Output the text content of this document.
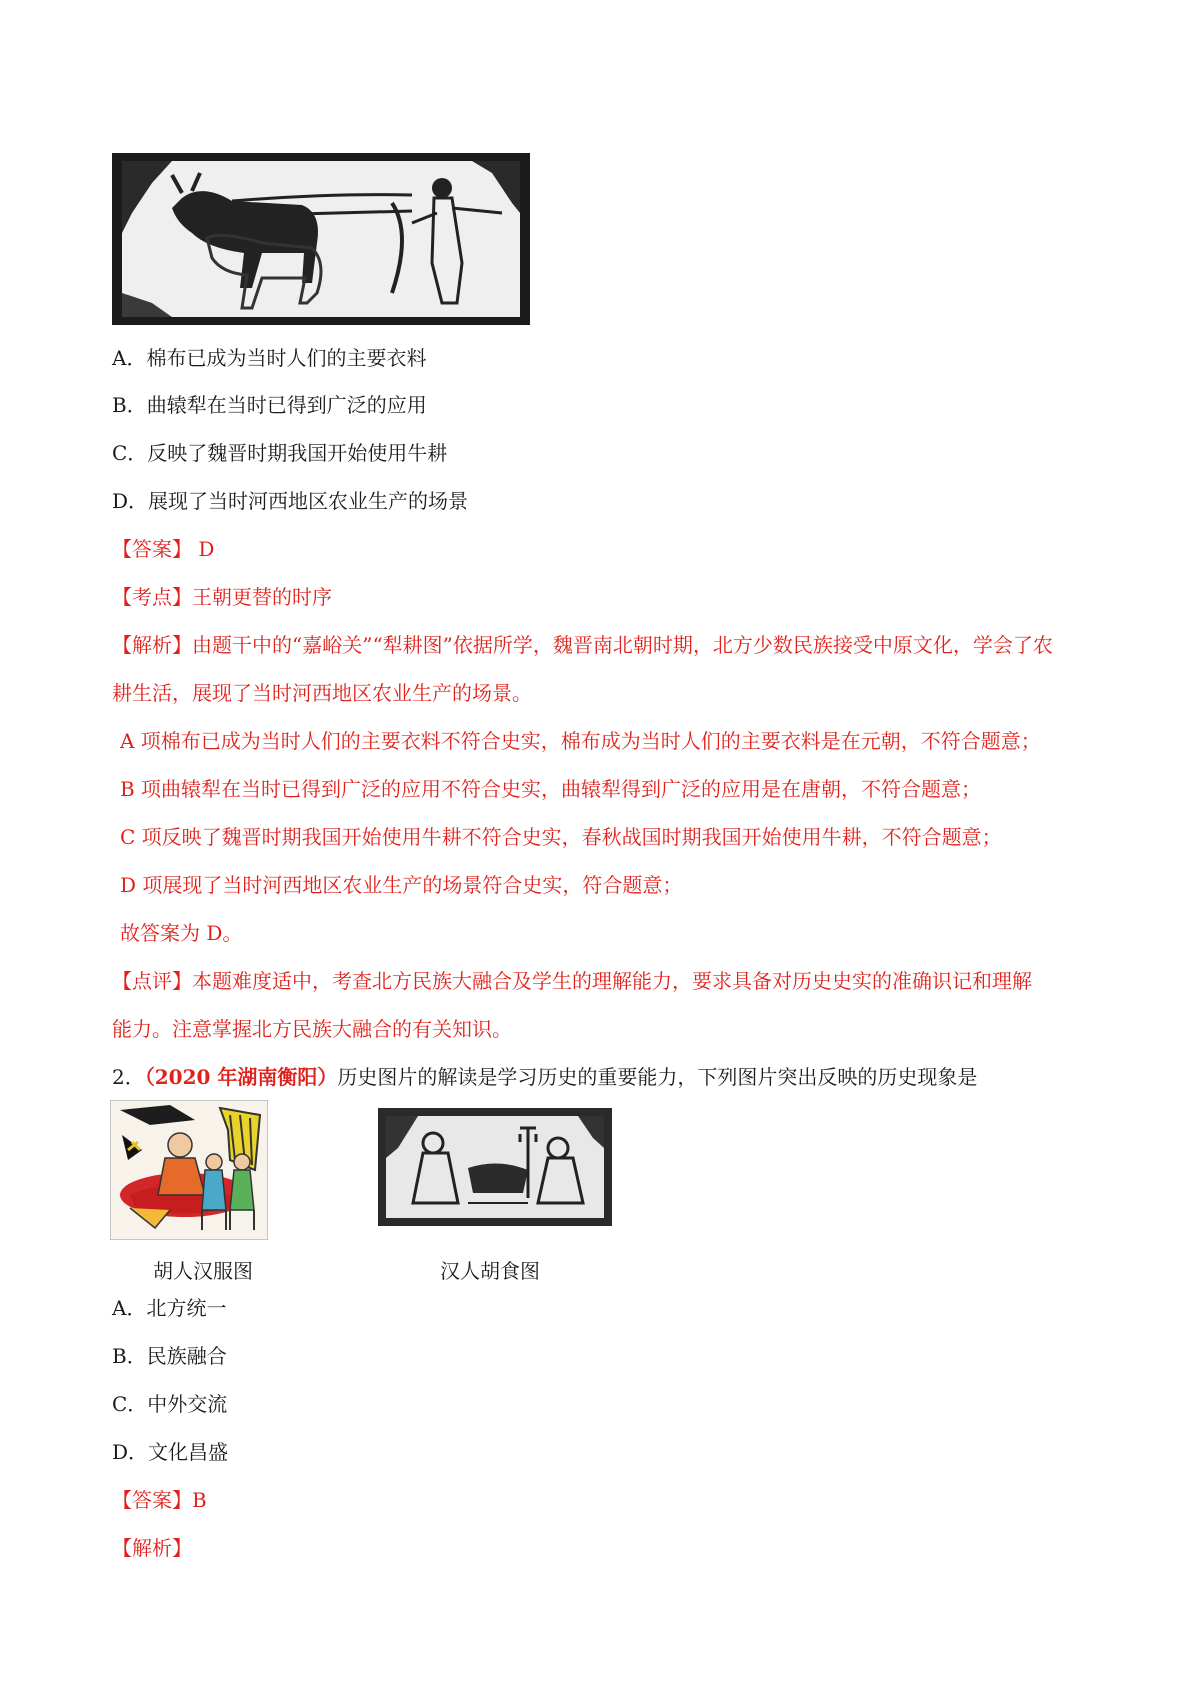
A．棉布已成为当时人们的主要衣料
B．曲辕犁在当时已得到广泛的应用
C．反映了魏晋时期我国开始使用牛耕
D．展现了当时河西地区农业生产的场景
【答案】 D
【考点】王朝更替的时序
【解析】由题干中的“嘉峪关”“犁耕图”依据所学，魏晋南北朝时期，北方少数民族接受中原文化，学会了农
耕生活，展现了当时河西地区农业生产的场景。
A 项棉布已成为当时人们的主要衣料不符合史实，棉布成为当时人们的主要衣料是在元朝，不符合题意；
B 项曲辕犁在当时已得到广泛的应用不符合史实，曲辕犁得到广泛的应用是在唐朝，不符合题意；
C 项反映了魏晋时期我国开始使用牛耕不符合史实，春秋战国时期我国开始使用牛耕，不符合题意；
D 项展现了当时河西地区农业生产的场景符合史实，符合题意；
故答案为 D。
【点评】本题难度适中，考查北方民族大融合及学生的理解能力，要求具备对历史史实的准确识记和理解
能力。注意掌握北方民族大融合的有关知识。
2．（2020 年湖南衡阳）历史图片的解读是学习历史的重要能力，下列图片突出反映的历史现象是
胡人汉服图	汉人胡食图
A．北方统一
B．民族融合
C．中外交流
D．文化昌盛
【答案】B
【解析】
